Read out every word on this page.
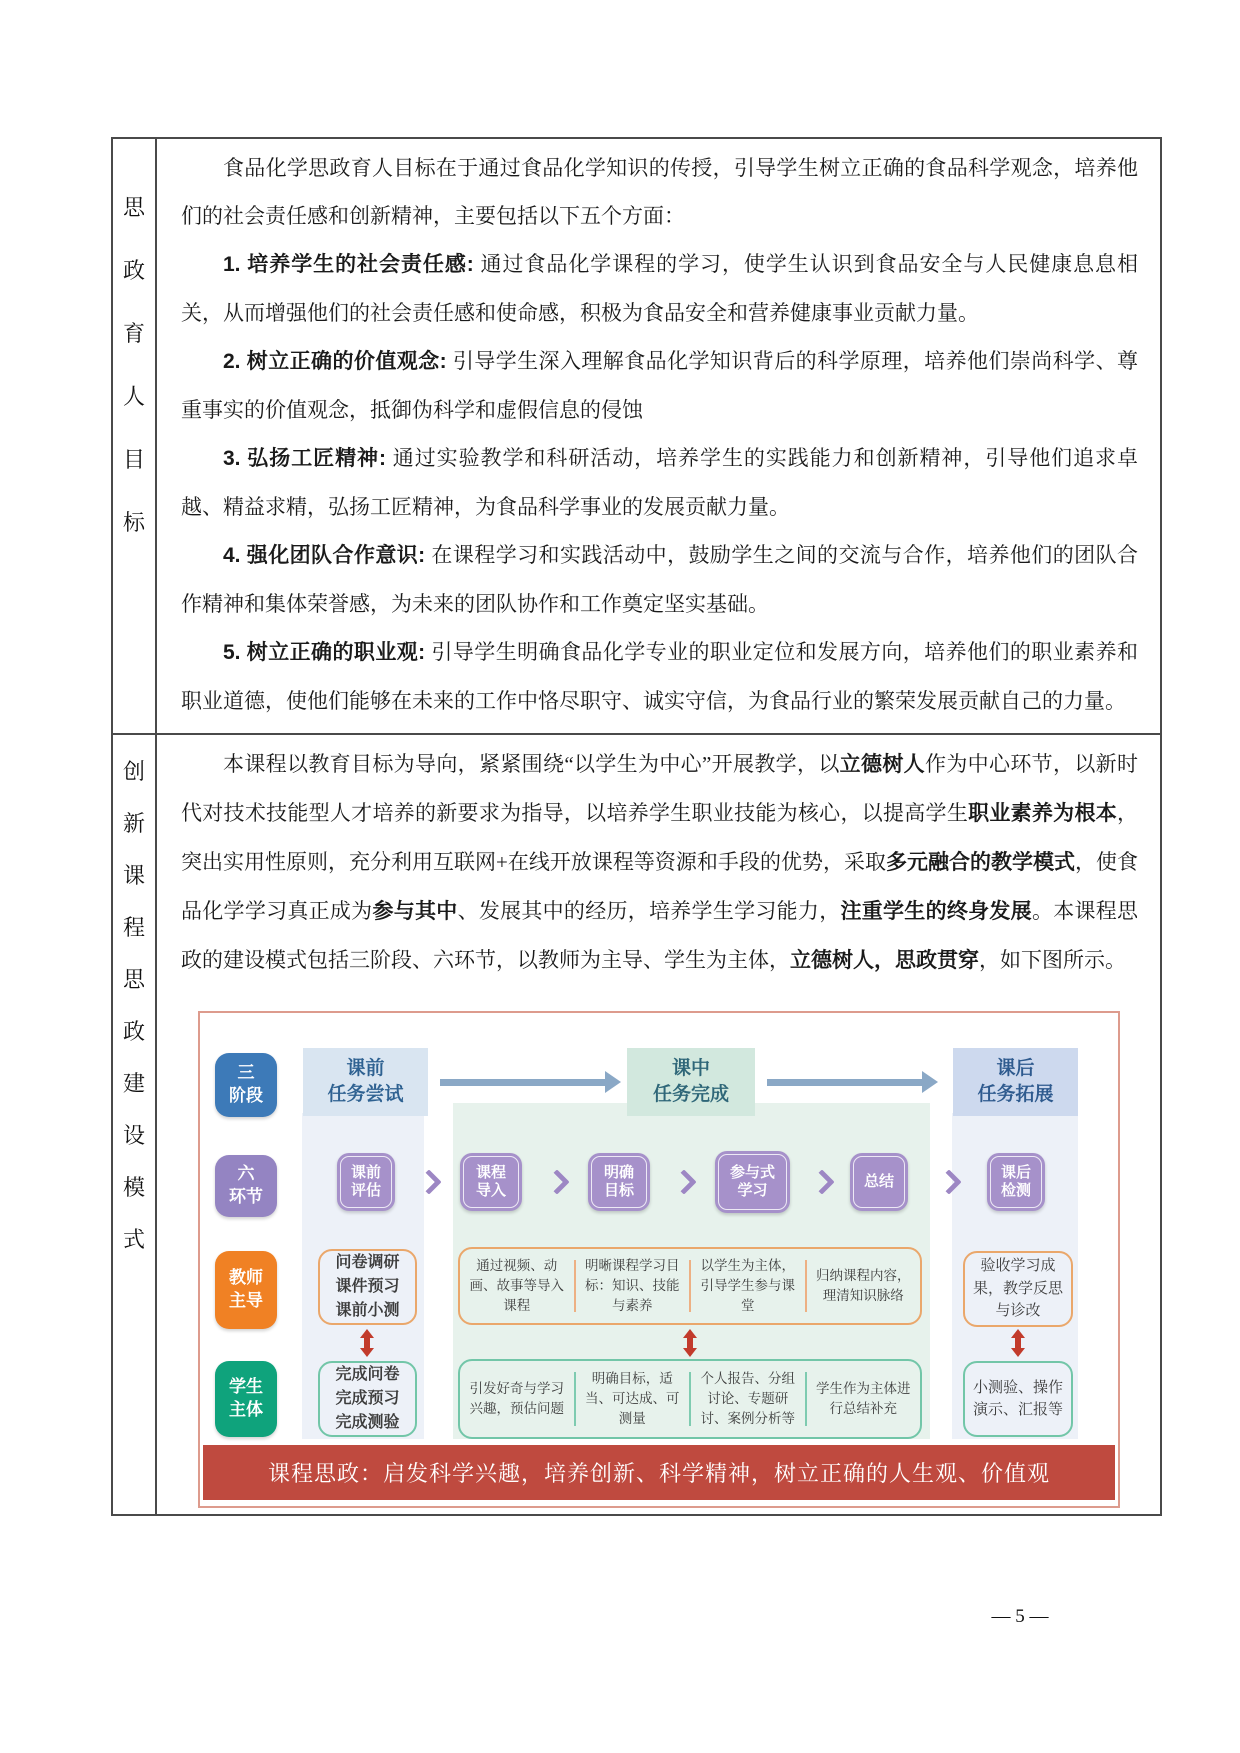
思
政
育
人
目
标

食品化学思政育人目标在于通过食品化学知识的传授，引导学生树立正确的食品科学观念，培养他们的社会责任感和创新精神，主要包括以下五个方面：

1. 培养学生的社会责任感: 通过食品化学课程的学习，使学生认识到食品安全与人民健康息息相关，从而增强他们的社会责任感和使命感，积极为食品安全和营养健康事业贡献力量。

2. 树立正确的价值观念: 引导学生深入理解食品化学知识背后的科学原理，培养他们崇尚科学、尊重事实的价值观念，抵御伪科学和虚假信息的侵蚀

3. 弘扬工匠精神: 通过实验教学和科研活动，培养学生的实践能力和创新精神，引导他们追求卓越、精益求精，弘扬工匠精神，为食品科学事业的发展贡献力量。

4. 强化团队合作意识: 在课程学习和实践活动中，鼓励学生之间的交流与合作，培养他们的团队合作精神和集体荣誉感，为未来的团队协作和工作奠定坚实基础。

5. 树立正确的职业观: 引导学生明确食品化学专业的职业定位和发展方向，培养他们的职业素养和职业道德，使他们能够在未来的工作中恪尽职守、诚实守信，为食品行业的繁荣发展贡献自己的力量。

创
新
课
程
思
政
建
设
模
式

本课程以教育目标为导向，紧紧围绕“以学生为中心”开展教学，以立德树人作为中心环节，以新时代对技术技能型人才培养的新要求为指导，以培养学生职业技能为核心，以提高学生职业素养为根本，突出实用性原则，充分利用互联网+在线开放课程等资源和手段的优势，采取多元融合的教学模式，使食品化学学习真正成为参与其中、发展其中的经历，培养学生学习能力，注重学生的终身发展。本课程思政的建设模式包括三阶段、六环节，以教师为主导、学生为主体，立德树人，思政贯穿，如下图所示。

三
阶段
课前
任务尝试
课中
任务完成
课后
任务拓展
六
环节
课前
评估
课程
导入
明确
目标
参与式
学习
总结
课后
检测
教师
主导
问卷调研
课件预习
课前小测
通过视频、动画、故事等导入课程
明晰课程学习目标：知识、技能与素养
以学生为主体，引导学生参与课堂
归纳课程内容，理清知识脉络
验收学习成果，教学反思与诊改
学生
主体
完成问卷
完成预习
完成测验
引发好奇与学习兴趣，预估问题
明确目标，适当、可达成、可测量
个人报告、分组讨论、专题研讨、案例分析等
学生作为主体进行总结补充
小测验、操作演示、汇报等
课程思政：启发科学兴趣，培养创新、科学精神，树立正确的人生观、价值观
— 5 —
